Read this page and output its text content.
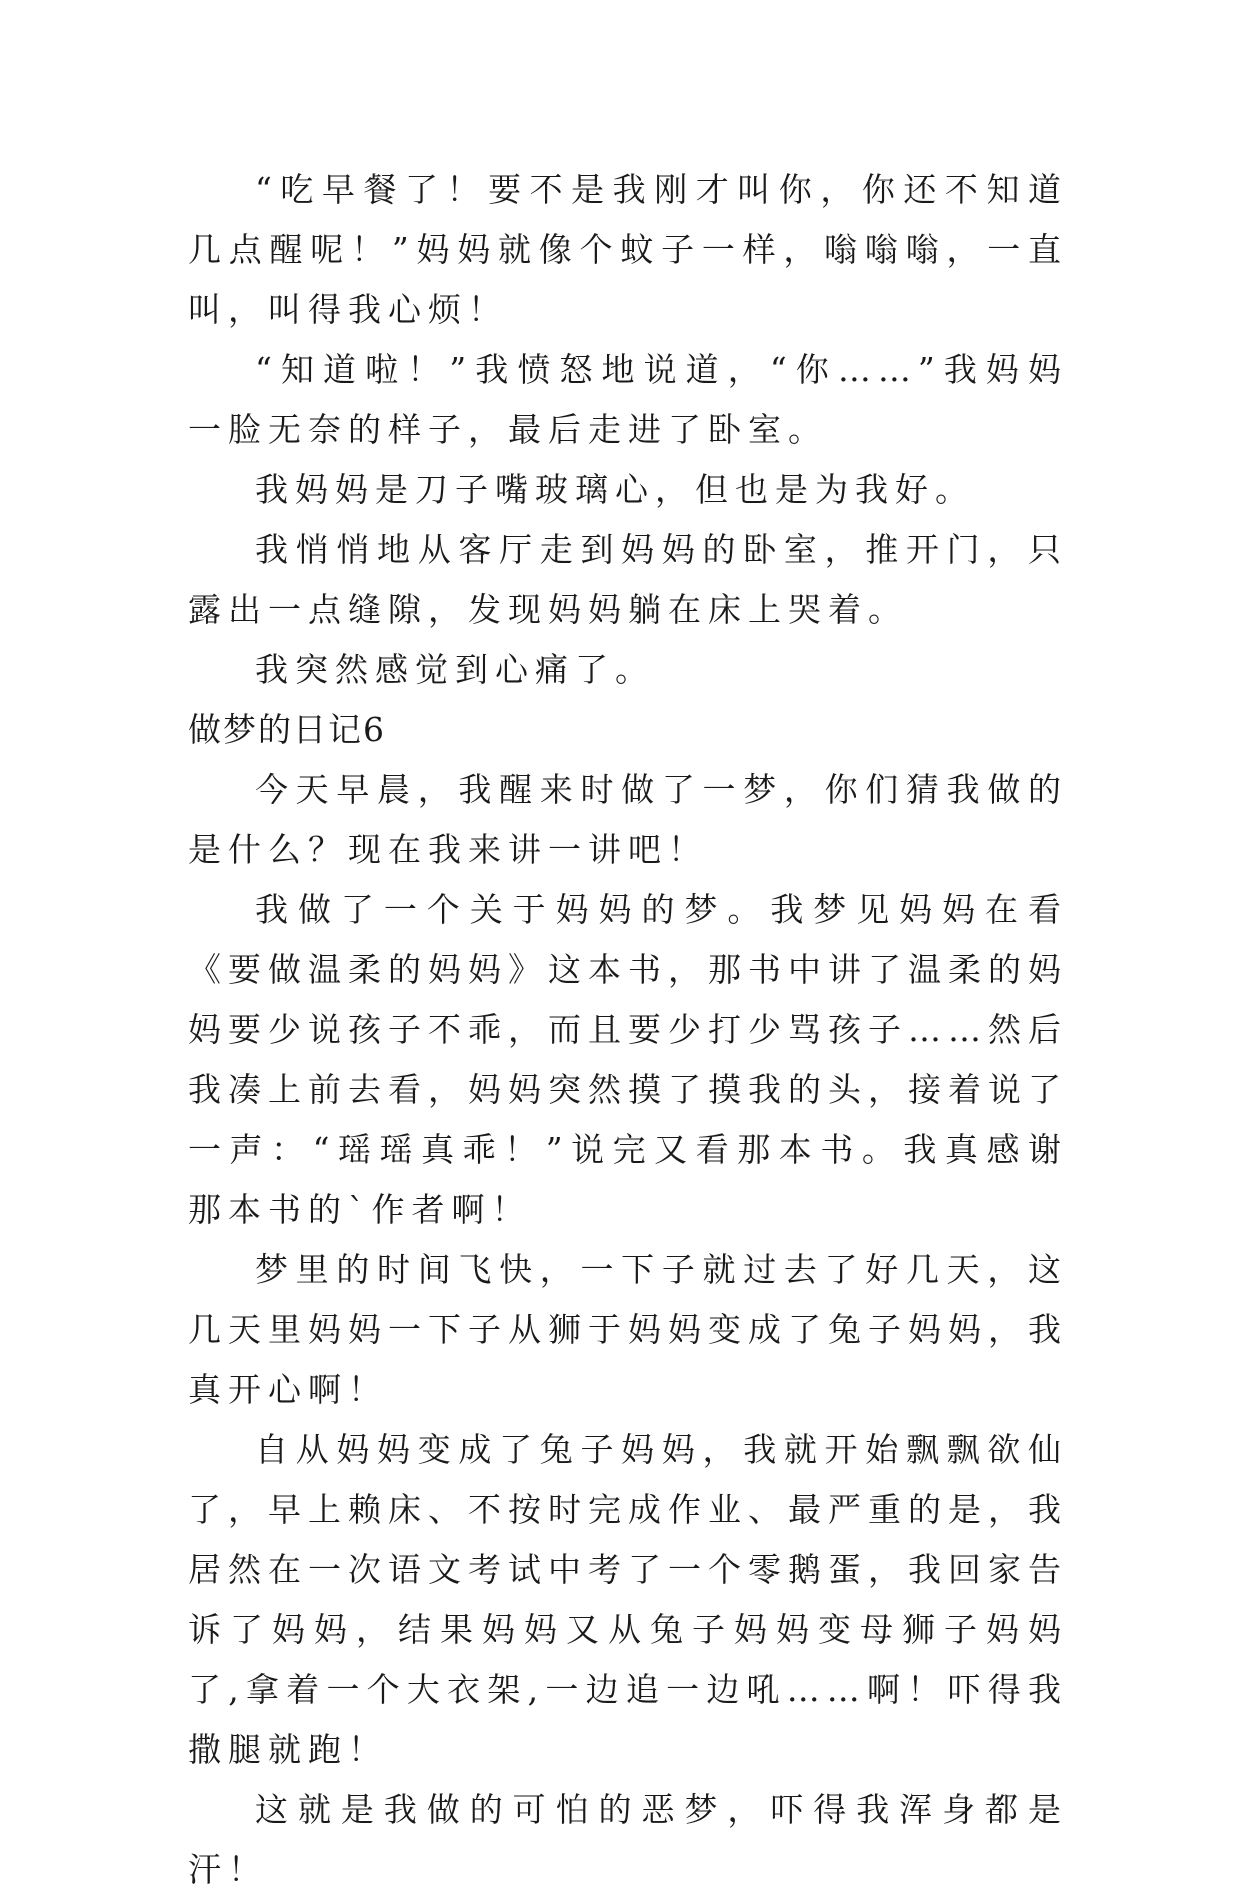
“吃早餐了！要不是我刚才叫你，你还不知道几点醒呢！”妈妈就像个蚊子一样，嗡嗡嗡，一直叫，叫得我心烦！

“知道啦！”我愤怒地说道，“你……”我妈妈一脸无奈的样子，最后走进了卧室。

我妈妈是刀子嘴玻璃心，但也是为我好。

我悄悄地从客厅走到妈妈的卧室，推开门，只露出一点缝隙，发现妈妈躺在床上哭着。

我突然感觉到心痛了。

做梦的日记6

今天早晨，我醒来时做了一梦，你们猜我做的是什么？现在我来讲一讲吧！

我做了一个关于妈妈的梦。我梦见妈妈在看《要做温柔的妈妈》这本书，那书中讲了温柔的妈妈要少说孩子不乖，而且要少打少骂孩子……然后我凑上前去看，妈妈突然摸了摸我的头，接着说了一声：“瑶瑶真乖！”说完又看那本书。我真感谢那本书的`作者啊！

梦里的时间飞快，一下子就过去了好几天，这几天里妈妈一下子从狮于妈妈变成了兔子妈妈，我真开心啊！

自从妈妈变成了兔子妈妈，我就开始飘飘欲仙了，早上赖床、不按时完成作业、最严重的是，我居然在一次语文考试中考了一个零鹅蛋，我回家告诉了妈妈，结果妈妈又从兔子妈妈变母狮子妈妈了,拿着一个大衣架,一边追一边吼……啊！吓得我撒腿就跑！

这就是我做的可怕的恶梦，吓得我浑身都是汗！
